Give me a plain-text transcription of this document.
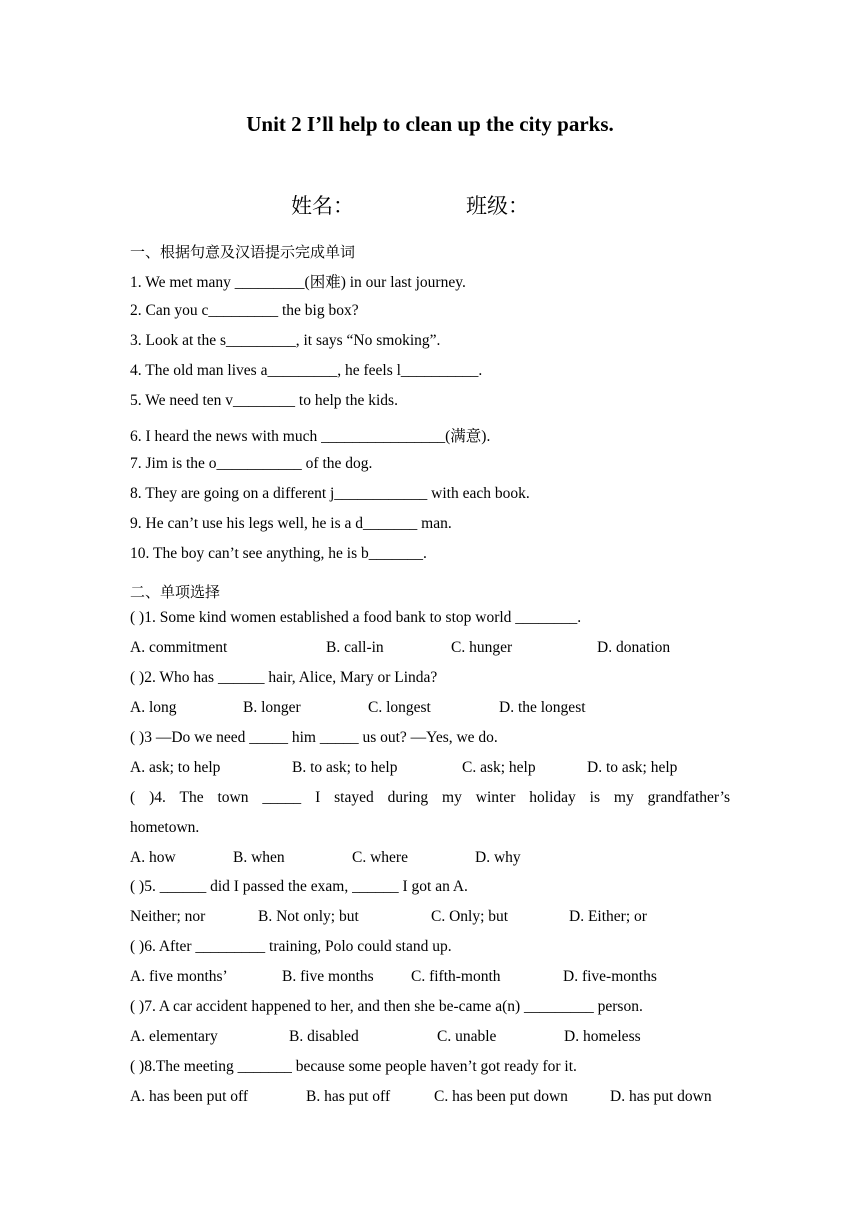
Unit 2 I’ll help to clean up the city parks.
姓名：	班级：
一、根据句意及汉语提示完成单词
1. We met many _________(困难) in our last journey.
2. Can you c_________ the big box?
3. Look at the s_________, it says “No smoking”.
4. The old man lives a_________, he feels l__________.
5. We need ten v________ to help the kids.
6. I heard the news with much ________________(满意).
7. Jim is the o___________ of the dog.
8. They are going on a different j____________ with each book.
9. He can’t use his legs well, he is a d_______ man.
10. The boy can’t see anything, he is b_______.
二、单项选择
( )1. Some kind women established a food bank to stop world ________.
A. commitment	B. call-in	C. hunger	D. donation
( )2. Who has ______ hair, Alice, Mary or Linda?
A. long	B. longer	C. longest	D. the longest
( )3 —Do we need _____ him _____ us out? —Yes, we do.
A. ask; to help	B. to ask; to help	C. ask; help	D. to ask; help
( )4. The town _____ I stayed during my winter holiday is my grandfather’s
hometown.
A. how	B. when	C. where	D. why
( )5. ______ did I passed the exam, ______ I got an A.
Neither; nor	B. Not only; but	C. Only; but	D. Either; or
( )6. After _________ training, Polo could stand up.
A. five months’	B. five months C. fifth-month	D. five-months
( )7. A car accident happened to her, and then she be-came a(n) _________ person.
A. elementary	B. disabled	C. unable	D. homeless
( )8.The meeting _______ because some people haven’t got ready for it.
A. has been put off	B. has put off	C. has been put down	D. has put down
